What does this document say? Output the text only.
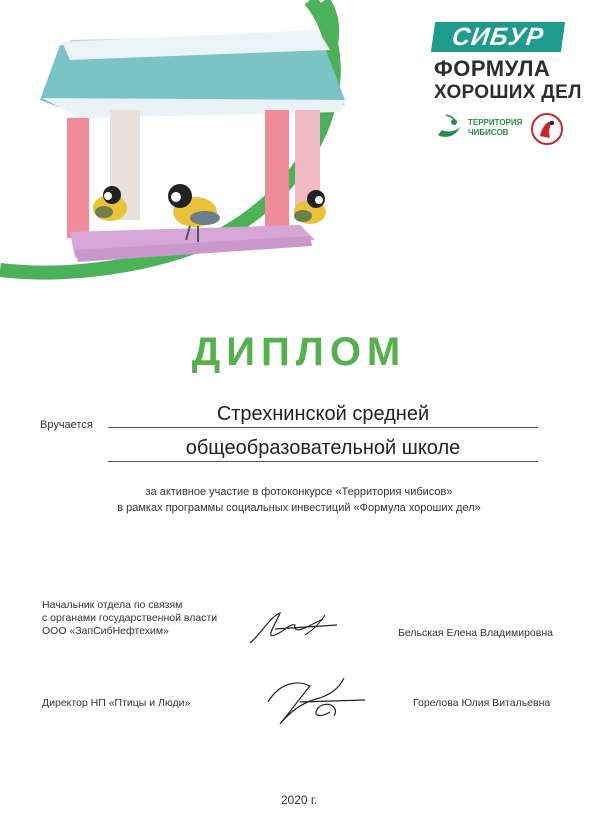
СИБУР
ФОРМУЛА
ХОРОШИХ ДЕЛ
ТЕРРИТОРИЯ ЧИБИСОВ
ДИПЛОМ
Вручается	Стрехнинской средней
общеобразовательной школе
за активное участие в фотоконкурсе «Территория чибисов»
в рамках программы социальных инвестиций «Формула хороших дел»
Начальник отдела по связям
с органами государственной власти
ООО «ЗапСибНефтехим»	Бельская Елена Владимировна
Директор НП «Птицы и Люди»	Горелова Юлия Витальевна
2020 г.
